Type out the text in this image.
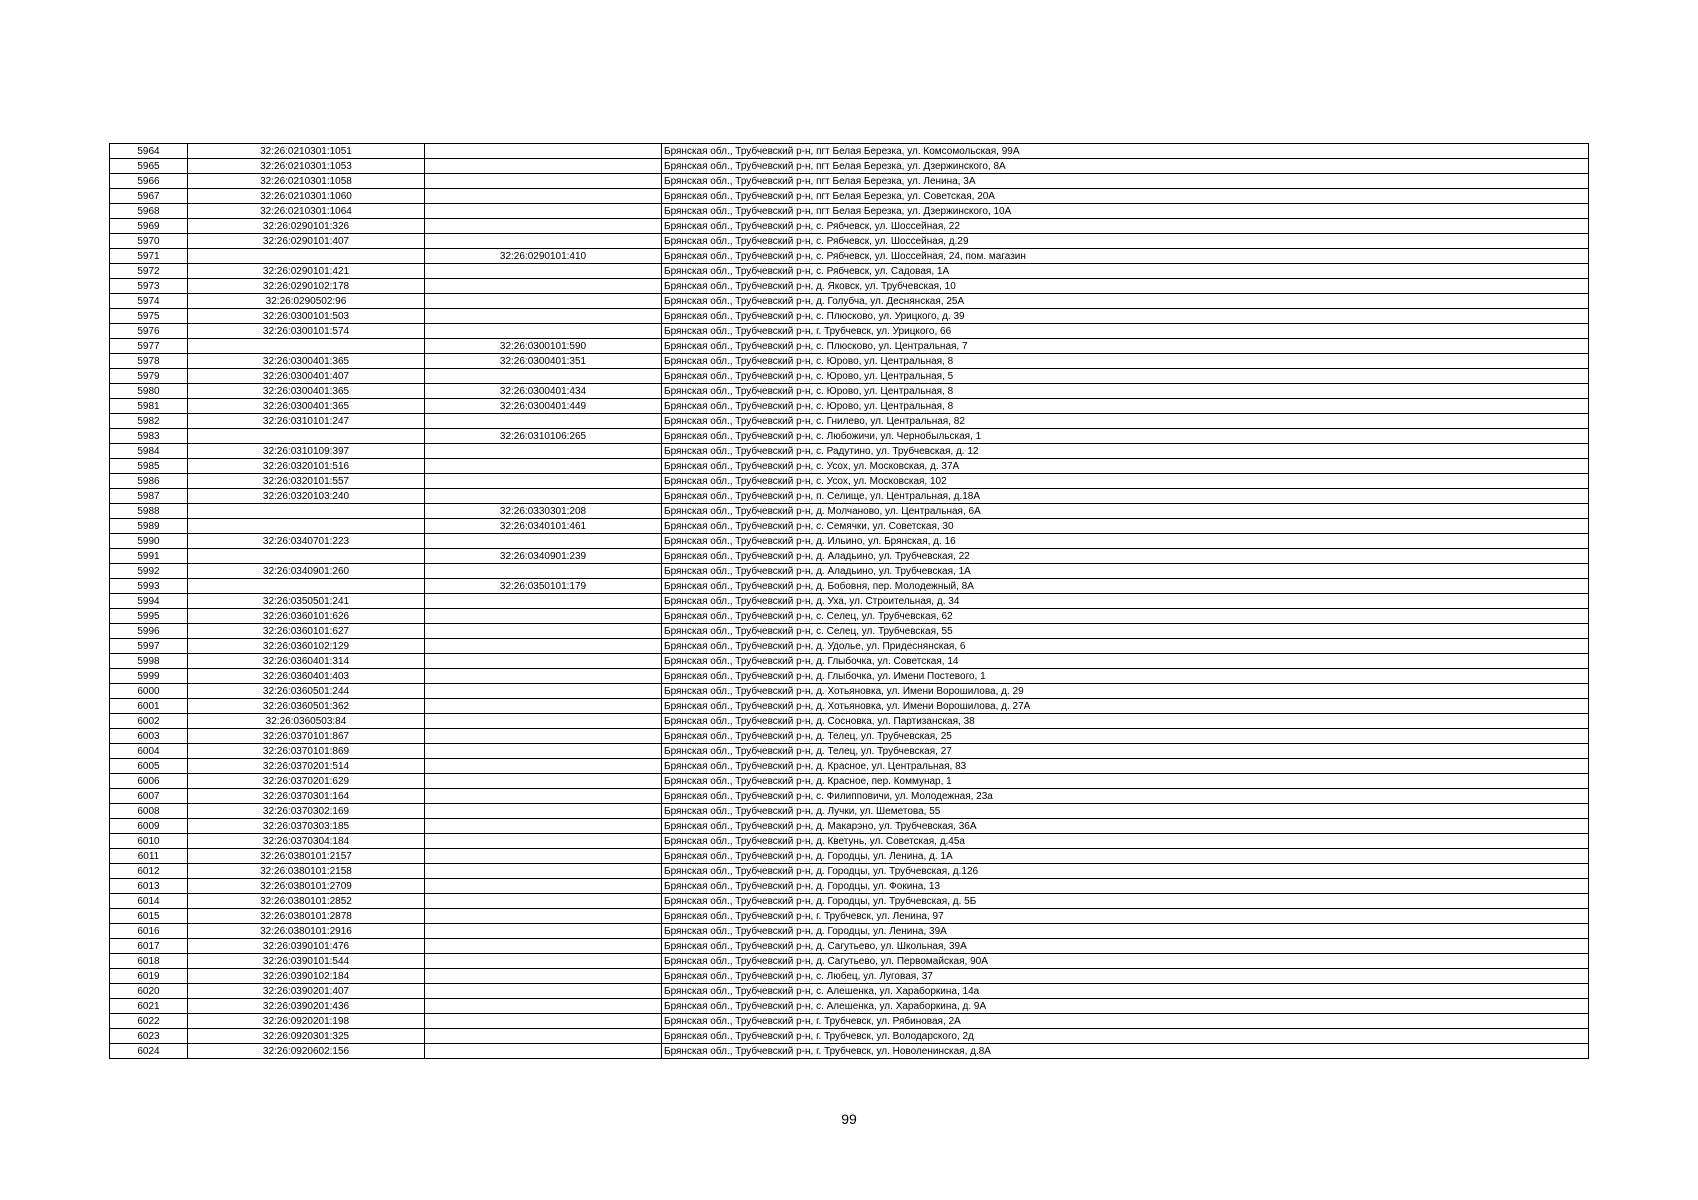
5964	32:26:0210301:1051		Брянская обл., Трубчевский р-н, пгт Белая Березка, ул. Комсомольская, 99А
5965	32:26:0210301:1053		Брянская обл., Трубчевский р-н, пгт Белая Березка, ул. Дзержинского, 8А
5966	32:26:0210301:1058		Брянская обл., Трубчевский р-н, пгт Белая Березка, ул. Ленина, 3А
5967	32:26:0210301:1060		Брянская обл., Трубчевский р-н, пгт Белая Березка, ул. Советская, 20А
5968	32:26:0210301:1064		Брянская обл., Трубчевский р-н, пгт Белая Березка, ул. Дзержинского, 10А
5969	32:26:0290101:326		Брянская обл., Трубчевский р-н, с. Рябчевск, ул. Шоссейная, 22
5970	32:26:0290101:407		Брянская обл., Трубчевский р-н, с. Рябчевск, ул. Шоссейная, д.29
5971		32:26:0290101:410	Брянская обл., Трубчевский р-н, с. Рябчевск, ул. Шоссейная, 24, пом. магазин
5972	32:26:0290101:421		Брянская обл., Трубчевский р-н, с. Рябчевск, ул. Садовая, 1А
5973	32:26:0290102:178		Брянская обл., Трубчевский р-н, д. Яковск, ул. Трубчевская, 10
5974	32:26:0290502:96		Брянская обл., Трубчевский р-н, д. Голубча, ул. Деснянская, 25А
5975	32:26:0300101:503		Брянская обл., Трубчевский р-н, с. Плюсково, ул. Урицкого, д. 39
5976	32:26:0300101:574		Брянская обл., Трубчевский р-н, г. Трубчевск, ул. Урицкого, 66
5977		32:26:0300101:590	Брянская обл., Трубчевский р-н, с. Плюсково, ул. Центральная, 7
5978	32:26:0300401:365	32:26:0300401:351	Брянская обл., Трубчевский р-н, с. Юрово, ул. Центральная, 8
5979	32:26:0300401:407		Брянская обл., Трубчевский р-н, с. Юрово, ул. Центральная, 5
5980	32:26:0300401:365	32:26:0300401:434	Брянская обл., Трубчевский р-н, с. Юрово, ул. Центральная, 8
5981	32:26:0300401:365	32:26:0300401:449	Брянская обл., Трубчевский р-н, с. Юрово, ул. Центральная, 8
5982	32:26:0310101:247		Брянская обл., Трубчевский р-н, с. Гнилево, ул. Центральная, 82
5983		32:26:0310106:265	Брянская обл., Трубчевский р-н, с. Любожичи, ул. Чернобыльская, 1
5984	32:26:0310109:397		Брянская обл., Трубчевский р-н, с. Радутино, ул. Трубчевская, д. 12
5985	32:26:0320101:516		Брянская обл., Трубчевский р-н, с. Усох, ул. Московская, д. 37А
5986	32:26:0320101:557		Брянская обл., Трубчевский р-н, с. Усох, ул. Московская, 102
5987	32:26:0320103:240		Брянская обл., Трубчевский р-н, п. Селище, ул. Центральная, д.18А
5988		32:26:0330301:208	Брянская обл., Трубчевский р-н, д. Молчаново, ул. Центральная, 6А
5989		32:26:0340101:461	Брянская обл., Трубчевский р-н, с. Семячки, ул. Советская, 30
5990	32:26:0340701:223		Брянская обл., Трубчевский р-н, д. Ильино, ул. Брянская, д. 16
5991		32:26:0340901:239	Брянская обл., Трубчевский р-н, д. Аладьино, ул. Трубчевская, 22
5992	32:26:0340901:260		Брянская обл., Трубчевский р-н, д. Аладьино, ул. Трубчевская, 1А
5993		32:26:0350101:179	Брянская обл., Трубчевский р-н, д. Бобовня, пер. Молодежный, 8А
5994	32:26:0350501:241		Брянская обл., Трубчевский р-н, д. Уха, ул. Строительная, д. 34
5995	32:26:0360101:626		Брянская обл., Трубчевский р-н, с. Селец, ул. Трубчевская, 62
5996	32:26:0360101:627		Брянская обл., Трубчевский р-н, с. Селец, ул. Трубчевская, 55
5997	32:26:0360102:129		Брянская обл., Трубчевский р-н, д. Удолье, ул. Придеснянская, 6
5998	32:26:0360401:314		Брянская обл., Трубчевский р-н, д. Глыбочка, ул. Советская, 14
5999	32:26:0360401:403		Брянская обл., Трубчевский р-н, д. Глыбочка, ул. Имени Постевого, 1
6000	32:26:0360501:244		Брянская обл., Трубчевский р-н, д. Хотьяновка, ул. Имени Ворошилова, д. 29
6001	32:26:0360501:362		Брянская обл., Трубчевский р-н, д. Хотьяновка, ул. Имени Ворошилова, д. 27А
6002	32:26:0360503:84		Брянская обл., Трубчевский р-н, д. Сосновка, ул. Партизанская, 38
6003	32:26:0370101:867		Брянская обл., Трубчевский р-н, д. Телец, ул. Трубчевская, 25
6004	32:26:0370101:869		Брянская обл., Трубчевский р-н, д. Телец, ул. Трубчевская, 27
6005	32:26:0370201:514		Брянская обл., Трубчевский р-н, д. Красное, ул. Центральная, 83
6006	32:26:0370201:629		Брянская обл., Трубчевский р-н, д. Красное, пер. Коммунар, 1
6007	32:26:0370301:164		Брянская обл., Трубчевский р-н, с. Филипповичи, ул. Молодежная, 23а
6008	32:26:0370302:169		Брянская обл., Трубчевский р-н, д. Лучки, ул. Шеметова, 55
6009	32:26:0370303:185		Брянская обл., Трубчевский р-н, д. Макарэно, ул. Трубчевская, 36А
6010	32:26:0370304:184		Брянская обл., Трубчевский р-н, д. Кветунь, ул. Советская, д.45а
6011	32:26:0380101:2157		Брянская обл., Трубчевский р-н, д. Городцы, ул. Ленина, д. 1А
6012	32:26:0380101:2158		Брянская обл., Трубчевский р-н, д. Городцы, ул. Трубчевская, д.126
6013	32:26:0380101:2709		Брянская обл., Трубчевский р-н, д. Городцы, ул. Фокина, 13
6014	32:26:0380101:2852		Брянская обл., Трубчевский р-н, д. Городцы, ул. Трубчевская, д. 5Б
6015	32:26:0380101:2878		Брянская обл., Трубчевский р-н, г. Трубчевск, ул. Ленина, 97
6016	32:26:0380101:2916		Брянская обл., Трубчевский р-н, д. Городцы, ул. Ленина, 39А
6017	32:26:0390101:476		Брянская обл., Трубчевский р-н, д. Сагутьево, ул. Школьная, 39А
6018	32:26:0390101:544		Брянская обл., Трубчевский р-н, д. Сагутьево, ул. Первомайская, 90А
6019	32:26:0390102:184		Брянская обл., Трубчевский р-н, с. Любец, ул. Луговая, 37
6020	32:26:0390201:407		Брянская обл., Трубчевский р-н, с. Алешенка, ул. Хараборкина, 14а
6021	32:26:0390201:436		Брянская обл., Трубчевский р-н, с. Алешенка, ул. Хараборкина, д. 9А
6022	32:26:0920201:198		Брянская обл., Трубчевский р-н, г. Трубчевск, ул. Рябиновая, 2А
6023	32:26:0920301:325		Брянская обл., Трубчевский р-н, г. Трубчевск, ул. Володарского, 2д
6024	32:26:0920602:156		Брянская обл., Трубчевский р-н, г. Трубчевск, ул. Новоленинская, д.8А
99
